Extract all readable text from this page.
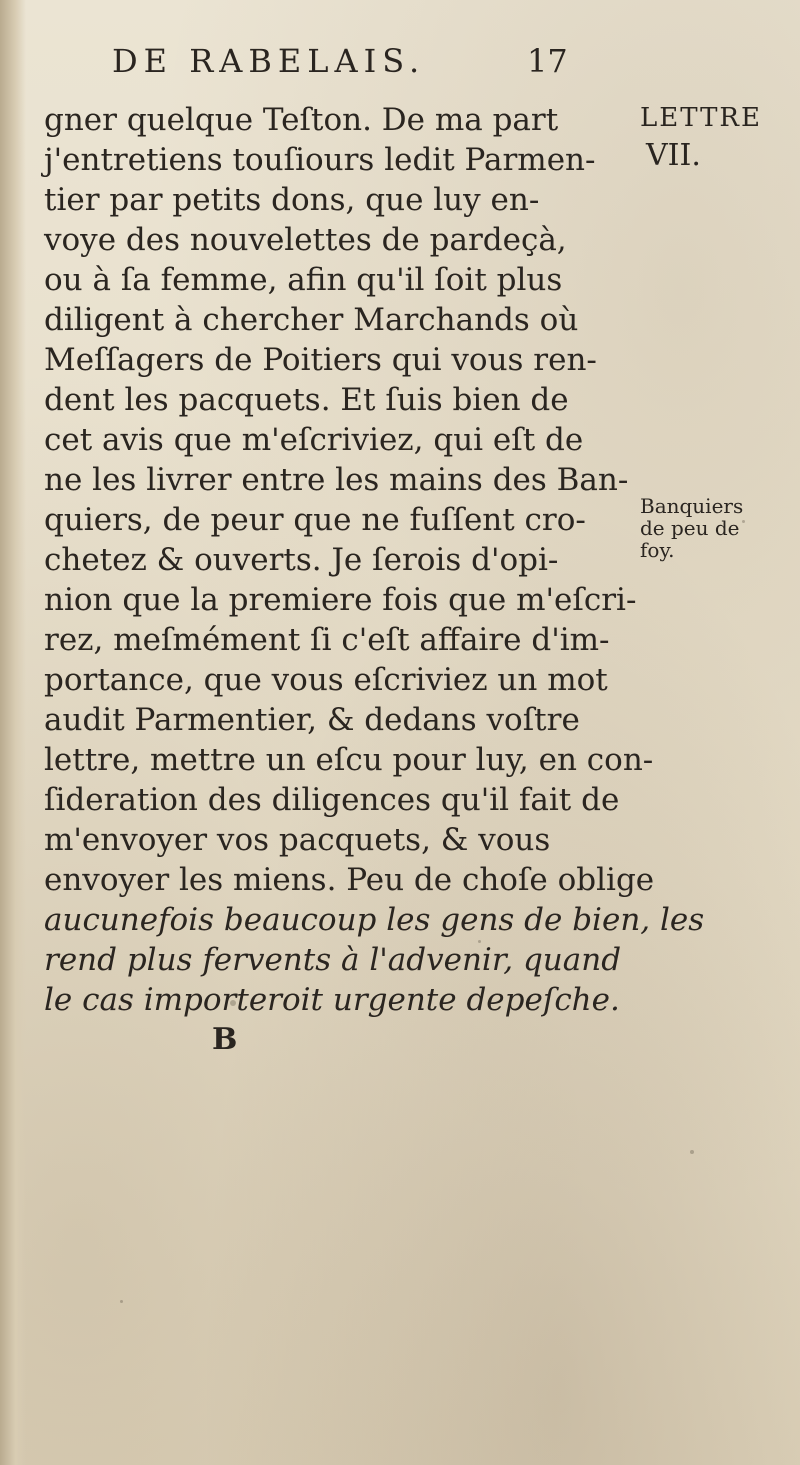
DE RABELAIS.	17
LETTRE
VII.
Banquiers
de peu de
foy.
gner quelque Teſton. De ma part
j'entretiens touſiours ledit Parmen-
tier par petits dons, que luy en-
voye des nouvelettes de pardeçà,
ou à ſa femme, afin qu'il ſoit plus
diligent à chercher Marchands où
Meſſagers de Poitiers qui vous ren-
dent les pacquets. Et ſuis bien de
cet avis que m'eſcriviez, qui eſt de
ne les livrer entre les mains des Ban-
quiers, de peur que ne fuſſent cro-
chetez & ouverts. Je ſerois d'opi-
nion que la premiere fois que m'eſcri-
rez, meſmément ſi c'eſt affaire d'im-
portance, que vous eſcriviez un mot
audit Parmentier, & dedans voſtre
lettre, mettre un eſcu pour luy, en con-
ſideration des diligences qu'il fait de
m'envoyer vos pacquets, & vous
envoyer les miens. Peu de choſe oblige
aucunefois beaucoup les gens de bien, les
rend plus fervents à l'advenir, quand
le cas importeroit urgente depeſche.
B
